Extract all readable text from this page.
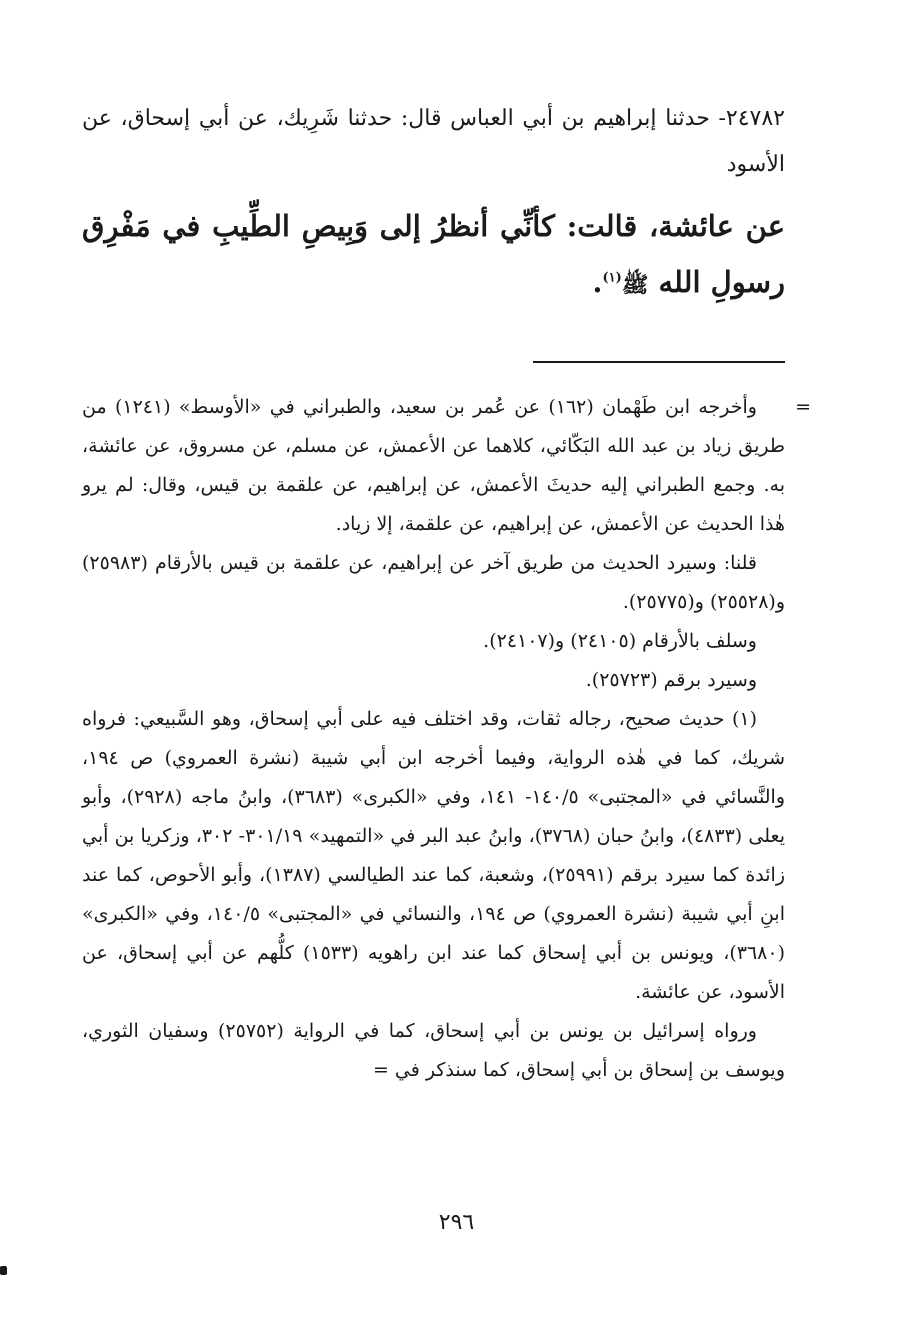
٢٤٧٨٢- حدثنا إبراهيم بن أبي العباس قال: حدثنا شَرِيك، عن أبي إسحاق، عن الأسود
عن عائشة، قالت: كأنِّي أنظرُ إلى وَبِيصِ الطِّيبِ في مَفْرِق رسولِ الله ﷺ$^{(١)}$.
=

وأخرجه ابن طَهْمان (١٦٢) عن عُمر بن سعيد، والطبراني في «الأوسط» (١٢٤١) من طريق زياد بن عبد الله البَكّائي، كلاهما عن الأعمش، عن مسلم، عن مسروق، عن عائشة، به. وجمع الطبراني إليه حديثَ الأعمش، عن إبراهيم، عن علقمة بن قيس، وقال: لم يرو هٰذا الحديث عن الأعمش، عن إبراهيم، عن علقمة، إلا زياد.

قلنا: وسيرد الحديث من طريق آخر عن إبراهيم، عن علقمة بن قيس بالأرقام (٢٥٩٨٣) و(٢٥٥٢٨) و(٢٥٧٧٥).

وسلف بالأرقام (٢٤١٠٥) و(٢٤١٠٧).

وسيرد برقم (٢٥٧٢٣).

(١) حديث صحيح، رجاله ثقات، وقد اختلف فيه على أبي إسحاق، وهو السَّبيعي: فرواه شريك، كما في هٰذه الرواية، وفيما أخرجه ابن أبي شيبة (نشرة العمروي) ص ١٩٤، والنَّسائي في «المجتبى» ١٤٠/٥- ١٤١، وفي «الكبرى» (٣٦٨٣)، وابنُ ماجه (٢٩٢٨)، وأبو يعلى (٤٨٣٣)، وابنُ حبان (٣٧٦٨)، وابنُ عبد البر في «التمهيد» ٣٠١/١٩- ٣٠٢، وزكريا بن أبي زائدة كما سيرد برقم (٢٥٩٩١)، وشعبة، كما عند الطيالسي (١٣٨٧)، وأبو الأحوص، كما عند ابنِ أبي شيبة (نشرة العمروي) ص ١٩٤، والنسائي في «المجتبى» ١٤٠/٥، وفي «الكبرى» (٣٦٨٠)، ويونس بن أبي إسحاق كما عند ابن راهويه (١٥٣٣) كلُّهم عن أبي إسحاق، عن الأسود، عن عائشة.

ورواه إسرائيل بن يونس بن أبي إسحاق، كما في الرواية (٢٥٧٥٢) وسفيان الثوري، ويوسف بن إسحاق بن أبي إسحاق، كما سنذكر في =

٢٩٦
